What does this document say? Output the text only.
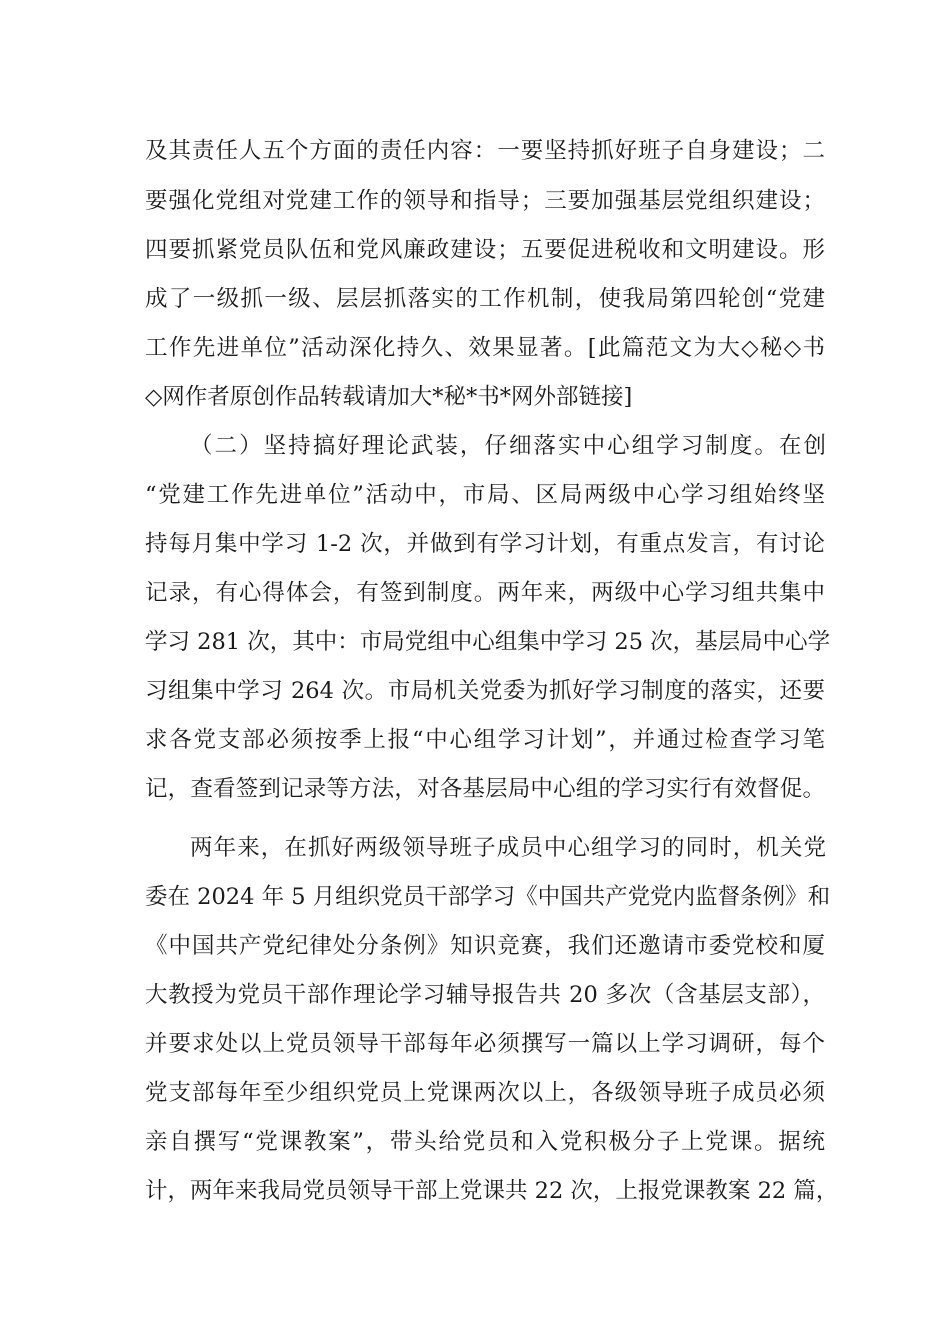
及其责任人五个方面的责任内容：一要坚持抓好班子自身建设；二
要强化党组对党建工作的领导和指导；三要加强基层党组织建设；
四要抓紧党员队伍和党风廉政建设；五要促进税收和文明建设。形
成了一级抓一级、层层抓落实的工作机制，使我局第四轮创“党建
工作先进单位”活动深化持久、效果显著。[此篇范文为大◇秘◇书
◇网作者原创作品转载请加大*秘*书*网外部链接]
（二）坚持搞好理论武装，仔细落实中心组学习制度。在创
“党建工作先进单位”活动中，市局、区局两级中心学习组始终坚
持每月集中学习 1-2 次，并做到有学习计划，有重点发言，有讨论
记录，有心得体会，有签到制度。两年来，两级中心学习组共集中
学习 281 次，其中：市局党组中心组集中学习 25 次，基层局中心学
习组集中学习 264 次。市局机关党委为抓好学习制度的落实，还要
求各党支部必须按季上报“中心组学习计划”，并通过检查学习笔
记，查看签到记录等方法，对各基层局中心组的学习实行有效督促。
两年来，在抓好两级领导班子成员中心组学习的同时，机关党
委在 2024 年 5 月组织党员干部学习《中国共产党党内监督条例》和
《中国共产党纪律处分条例》知识竞赛，我们还邀请市委党校和厦
大教授为党员干部作理论学习辅导报告共 20 多次（含基层支部），
并要求处以上党员领导干部每年必须撰写一篇以上学习调研，每个
党支部每年至少组织党员上党课两次以上，各级领导班子成员必须
亲自撰写“党课教案”，带头给党员和入党积极分子上党课。据统
计，两年来我局党员领导干部上党课共 22 次，上报党课教案 22 篇，
